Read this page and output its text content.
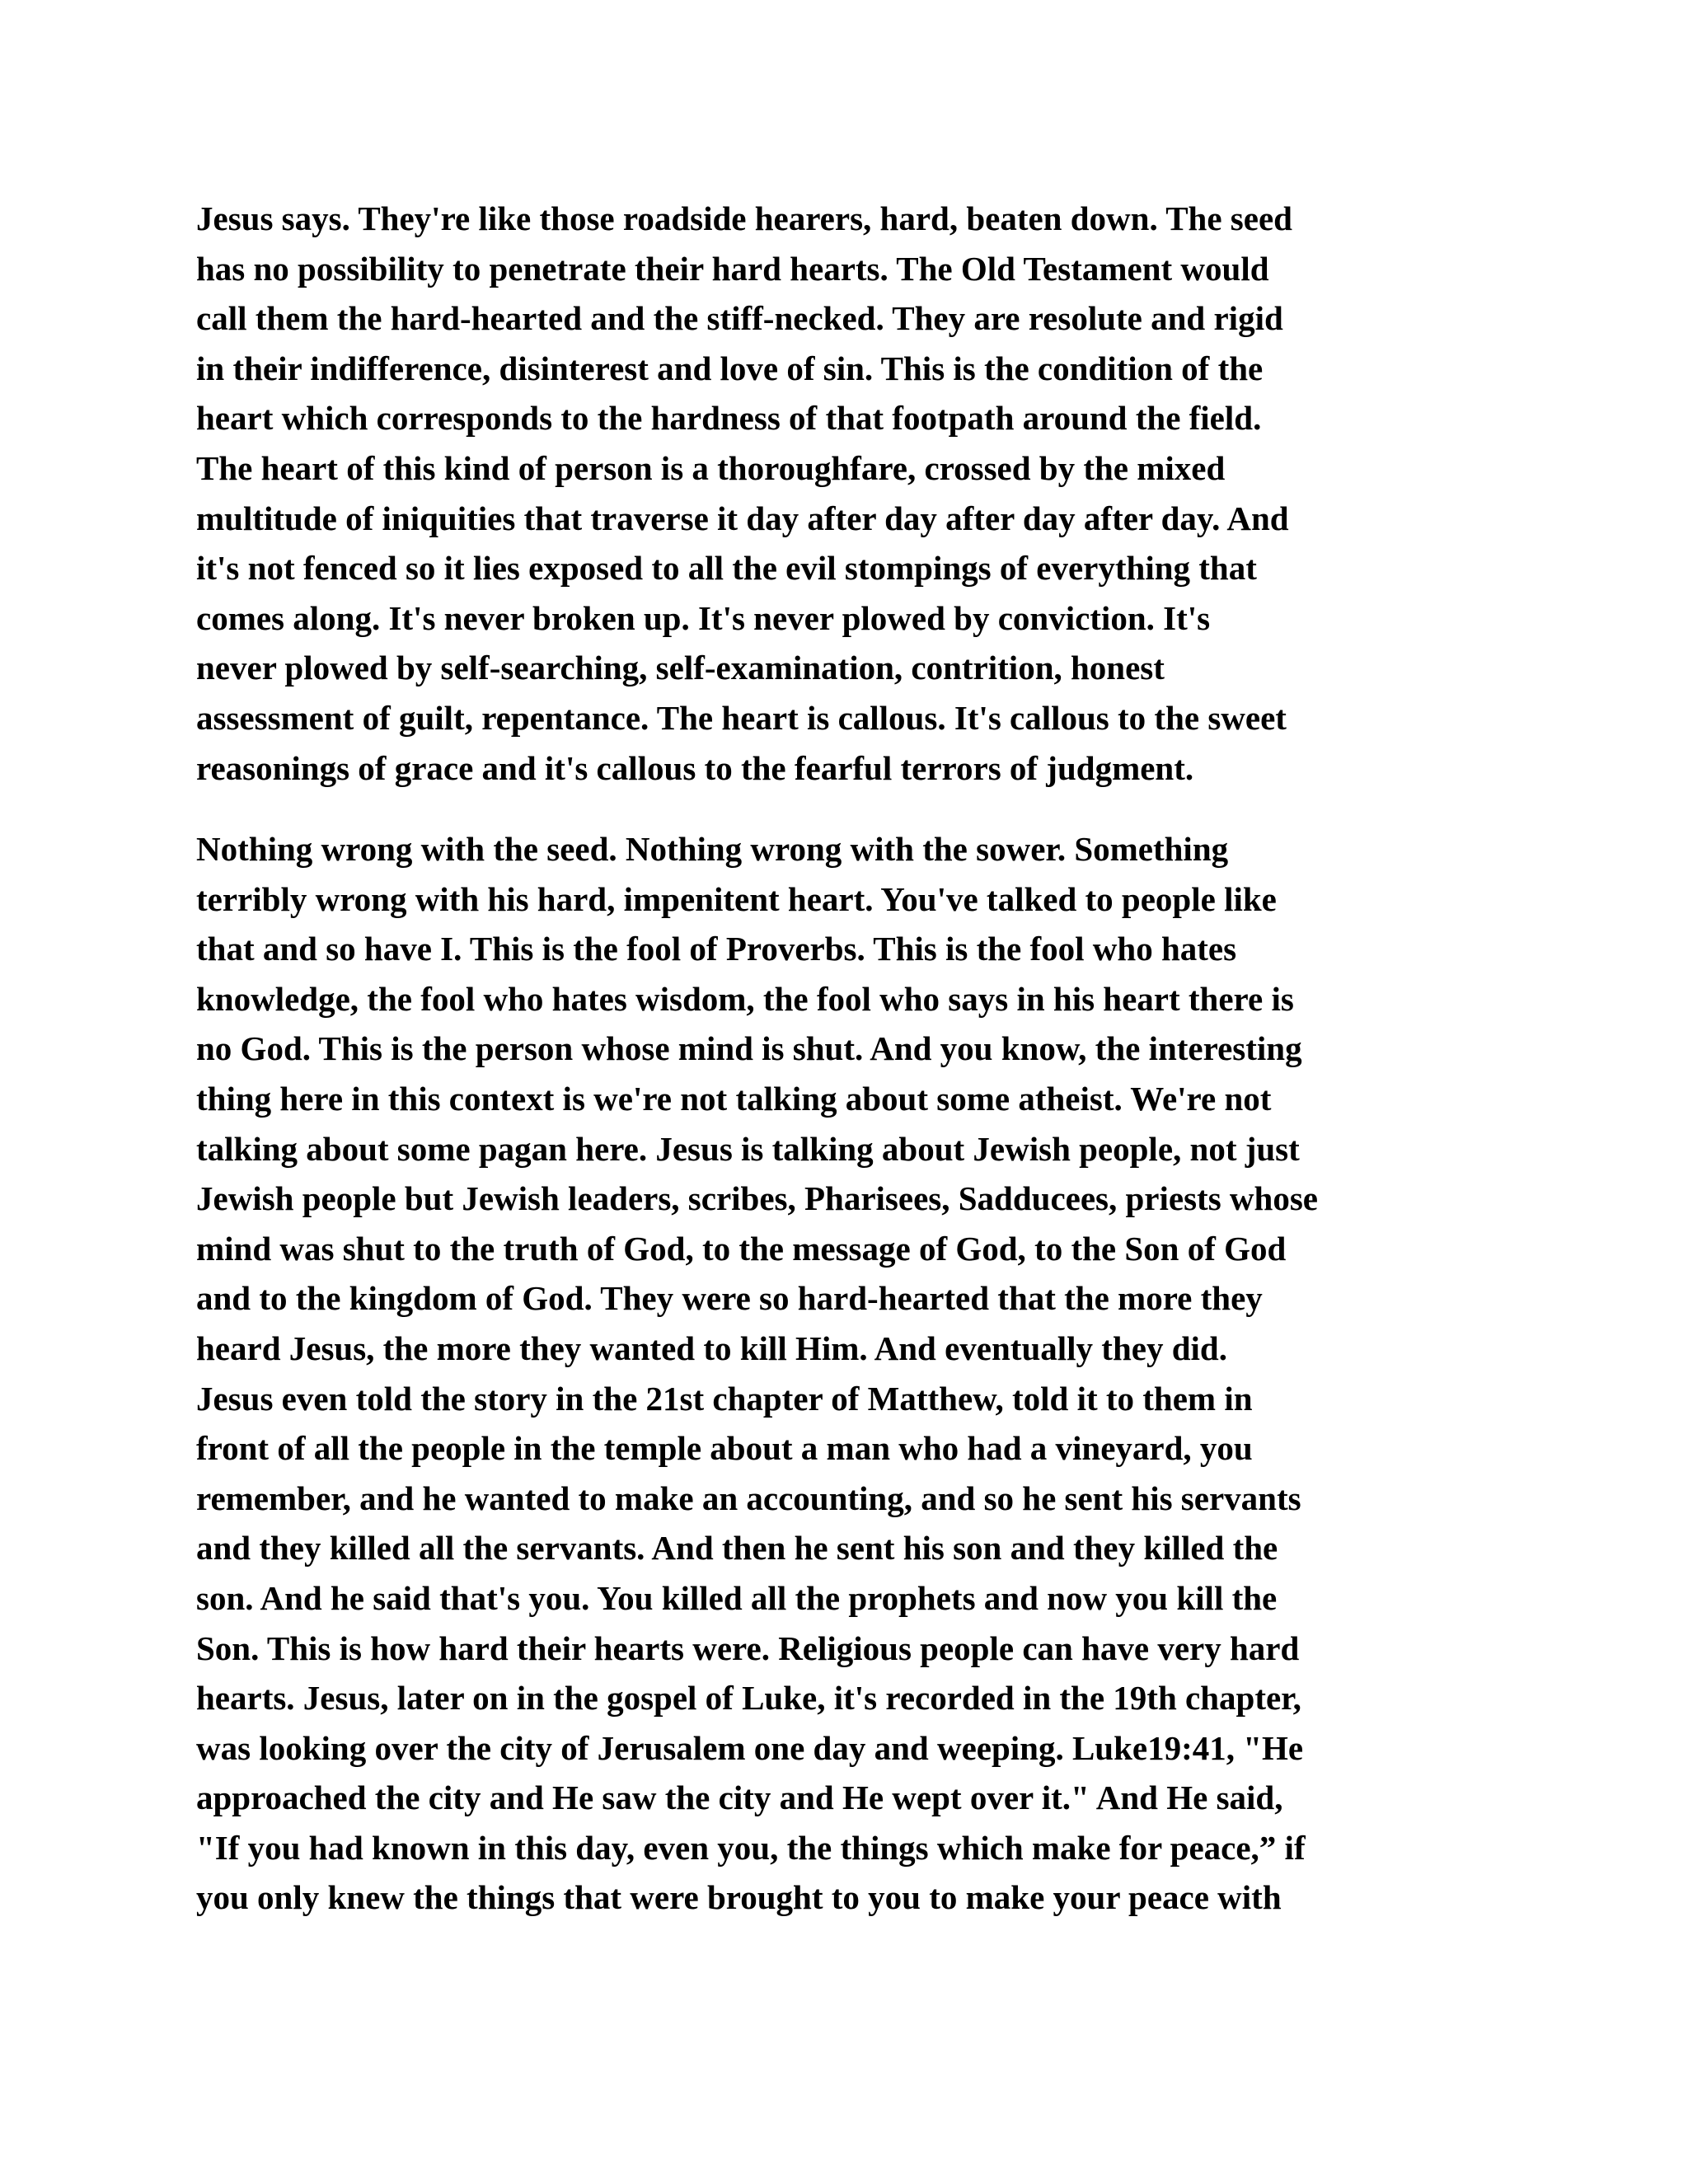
Jesus says. They're like those roadside hearers, hard, beaten down. The seed
has no possibility to penetrate their hard hearts. The Old Testament would
call them the hard-hearted and the stiff-necked. They are resolute and rigid
in their indifference, disinterest and love of sin. This is the condition of the
heart which corresponds to the hardness of that footpath around the field.
The heart of this kind of person is a thoroughfare, crossed by the mixed
multitude of iniquities that traverse it day after day after day after day. And
it's not fenced so it lies exposed to all the evil stompings of everything that
comes along. It's never broken up. It's never plowed by conviction. It's
never plowed by self-searching, self-examination, contrition, honest
assessment of guilt, repentance. The heart is callous. It's callous to the sweet
reasonings of grace and it's callous to the fearful terrors of judgment.
Nothing wrong with the seed. Nothing wrong with the sower. Something
terribly wrong with his hard, impenitent heart. You've talked to people like
that and so have I. This is the fool of Proverbs. This is the fool who hates
knowledge, the fool who hates wisdom, the fool who says in his heart there is
no God. This is the person whose mind is shut. And you know, the interesting
thing here in this context is we're not talking about some atheist. We're not
talking about some pagan here. Jesus is talking about Jewish people, not just
Jewish people but Jewish leaders, scribes, Pharisees, Sadducees, priests whose
mind was shut to the truth of God, to the message of God, to the Son of God
and to the kingdom of God. They were so hard-hearted that the more they
heard Jesus, the more they wanted to kill Him. And eventually they did.
Jesus even told the story in the 21st chapter of Matthew, told it to them in
front of all the people in the temple about a man who had a vineyard, you
remember, and he wanted to make an accounting, and so he sent his servants
and they killed all the servants. And then he sent his son and they killed the
son. And he said that's you. You killed all the prophets and now you kill the
Son. This is how hard their hearts were. Religious people can have very hard
hearts. Jesus, later on in the gospel of Luke, it's recorded in the 19th chapter,
was looking over the city of Jerusalem one day and weeping. Luke19:41, "He
approached the city and He saw the city and He wept over it." And He said,
"If you had known in this day, even you, the things which make for peace,” if
you only knew the things that were brought to you to make your peace with
